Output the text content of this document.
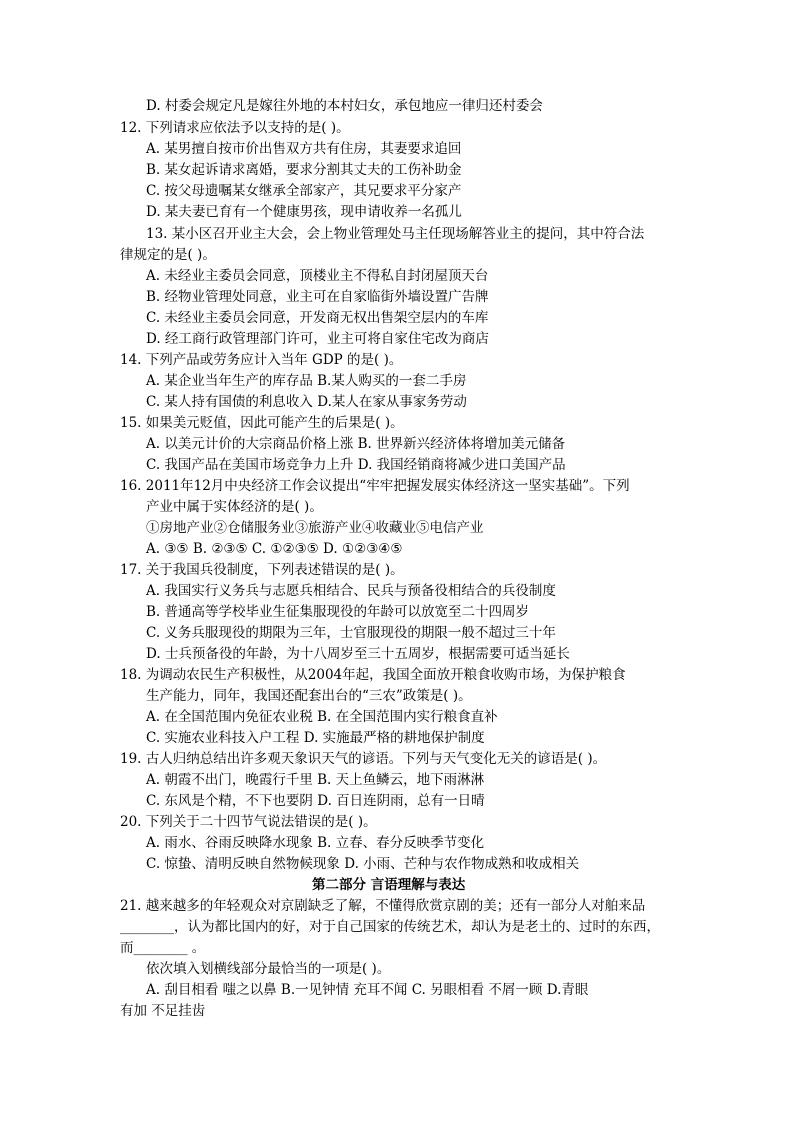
D. 村委会规定凡是嫁往外地的本村妇女，承包地应一律归还村委会
12. 下列请求应依法予以支持的是( )。
A. 某男擅自按市价出售双方共有住房，其妻要求追回
B. 某女起诉请求离婚，要求分割其丈夫的工伤补助金
C. 按父母遗嘱某女继承全部家产，其兄要求平分家产
D. 某夫妻已育有一个健康男孩，现申请收养一名孤儿
13. 某小区召开业主大会，会上物业管理处马主任现场解答业主的提问，其中符合法
律规定的是( )。
A. 未经业主委员会同意，顶楼业主不得私自封闭屋顶天台
B. 经物业管理处同意，业主可在自家临街外墙设置广告牌
C. 未经业主委员会同意，开发商无权出售架空层内的车库
D. 经工商行政管理部门许可，业主可将自家住宅改为商店
14. 下列产品或劳务应计入当年 GDP 的是( )。
A. 某企业当年生产的库存品 B.某人购买的一套二手房
C. 某人持有国债的利息收入 D.某人在家从事家务劳动
15. 如果美元贬值，因此可能产生的后果是( )。
A. 以美元计价的大宗商品价格上涨 B. 世界新兴经济体将增加美元储备
C. 我国产品在美国市场竞争力上升 D. 我国经销商将减少进口美国产品
16. 2011年12月中央经济工作会议提出“牢牢把握发展实体经济这一坚实基础”。下列
产业中属于实体经济的是( )。
①房地产业②仓储服务业③旅游产业④收藏业⑤电信产业
A. ③⑤ B. ②③⑤ C. ①②③⑤ D. ①②③④⑤
17. 关于我国兵役制度，下列表述错误的是( )。
A. 我国实行义务兵与志愿兵相结合、民兵与预备役相结合的兵役制度
B. 普通高等学校毕业生征集服现役的年龄可以放宽至二十四周岁
C. 义务兵服现役的期限为三年，士官服现役的期限一般不超过三十年
D. 士兵预备役的年龄，为十八周岁至三十五周岁，根据需要可适当延长
18. 为调动农民生产积极性，从2004年起，我国全面放开粮食收购市场，为保护粮食
生产能力，同年，我国还配套出台的“三农”政策是( )。
A. 在全国范围内免征农业税 B. 在全国范围内实行粮食直补
C. 实施农业科技入户工程 D. 实施最严格的耕地保护制度
19. 古人归纳总结出许多观天象识天气的谚语。下列与天气变化无关的谚语是( )。
A. 朝霞不出门，晚霞行千里 B. 天上鱼鳞云，地下雨淋淋
C. 东风是个精，不下也要阴 D. 百日连阴雨，总有一日晴
20. 下列关于二十四节气说法错误的是( )。
A. 雨水、谷雨反映降水现象 B. 立春、春分反映季节变化
C. 惊蛰、清明反映自然物候现象 D. 小雨、芒种与农作物成熟和收成相关
第二部分 言语理解与表达
21. 越来越多的年轻观众对京剧缺乏了解，不懂得欣赏京剧的美；还有一部分人对舶来品
________，认为都比国内的好，对于自己国家的传统艺术，却认为是老土的、过时的东西，
而________ 。
依次填入划横线部分最恰当的一项是( )。
A. 刮目相看 嗤之以鼻 B.一见钟情 充耳不闻 C. 另眼相看 不屑一顾 D.青眼
有加 不足挂齿
